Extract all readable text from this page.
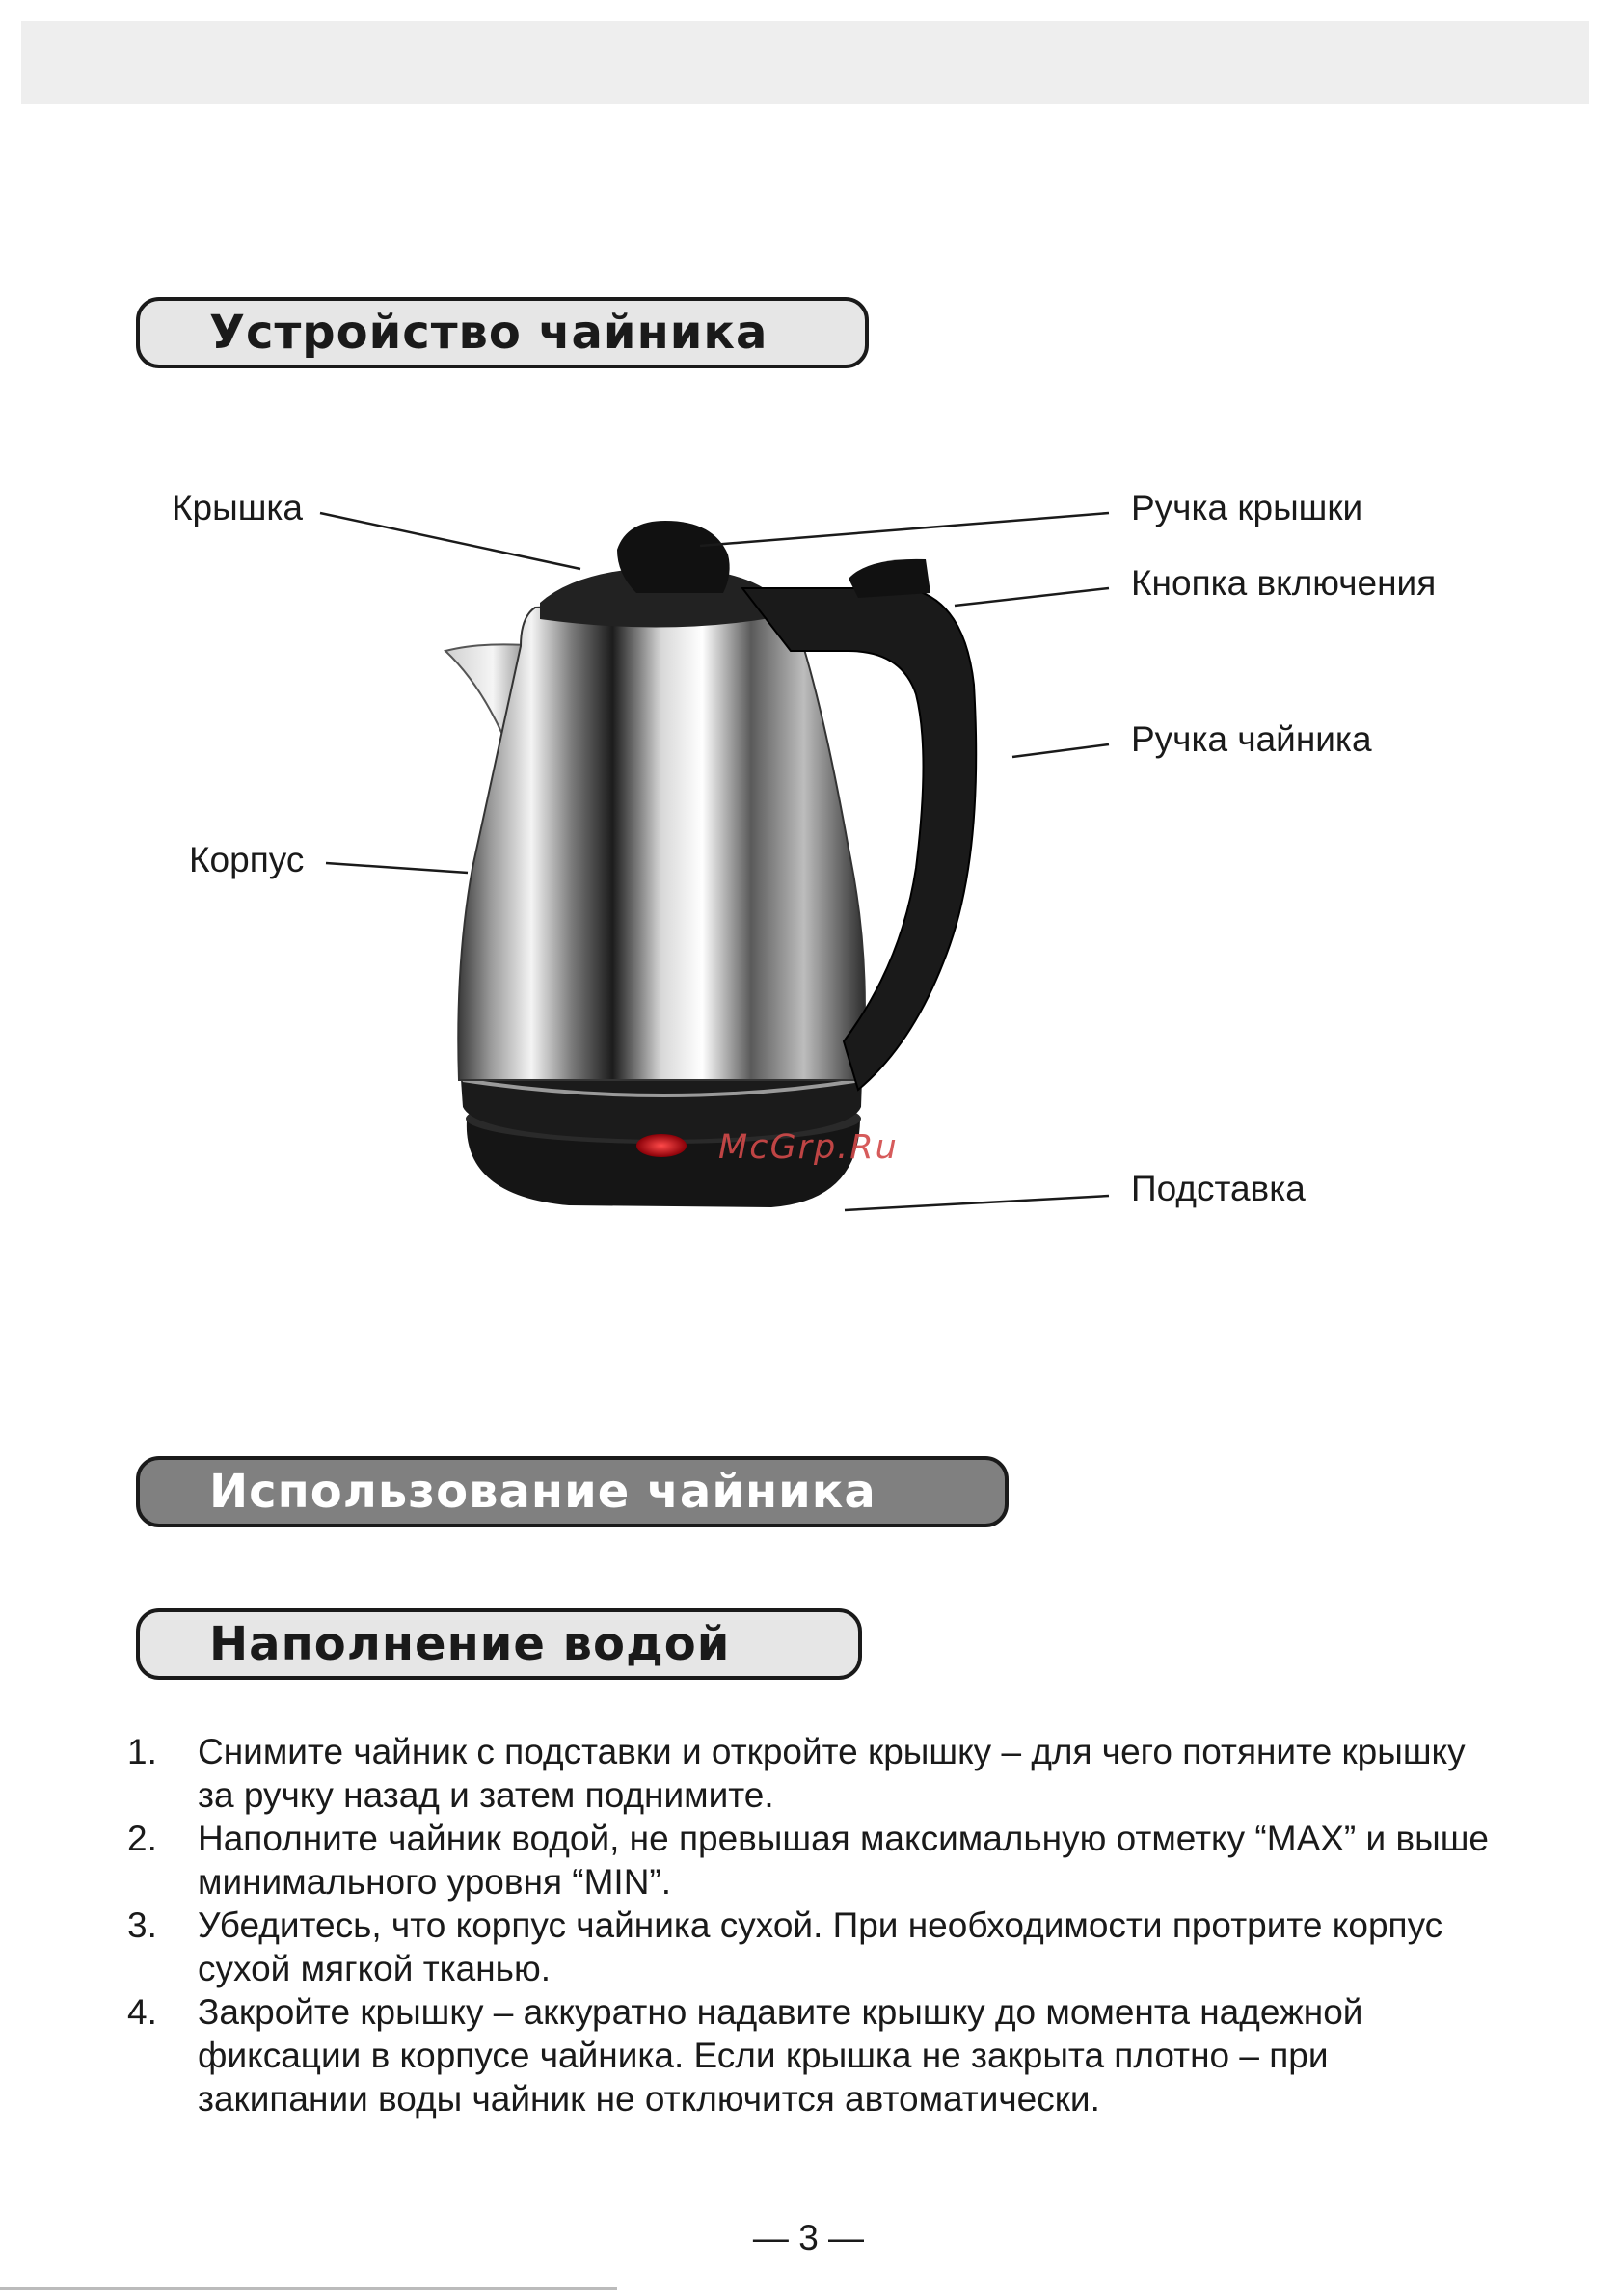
Устройство чайника
Крышка	Ручка крышки
Кнопка включения
Ручка чайника
Корпус
Подставка
McGrp.Ru
Использование чайника
Наполнение водой
1. Снимите чайник с подставки и откройте крышку – для чего потяните крышку за ручку назад и затем поднимите.
2. Наполните чайник водой, не превышая максимальную отметку “MAX” и выше минимального уровня “MIN”.
3. Убедитесь, что корпус чайника сухой. При необходимости протрите корпус сухой мягкой тканью.
4. Закройте крышку – аккуратно надавите крышку до момента надежной фиксации в корпусе чайника. Если крышка не закрыта плотно – при закипании воды чайник не отключится автоматически.
— 3 —
